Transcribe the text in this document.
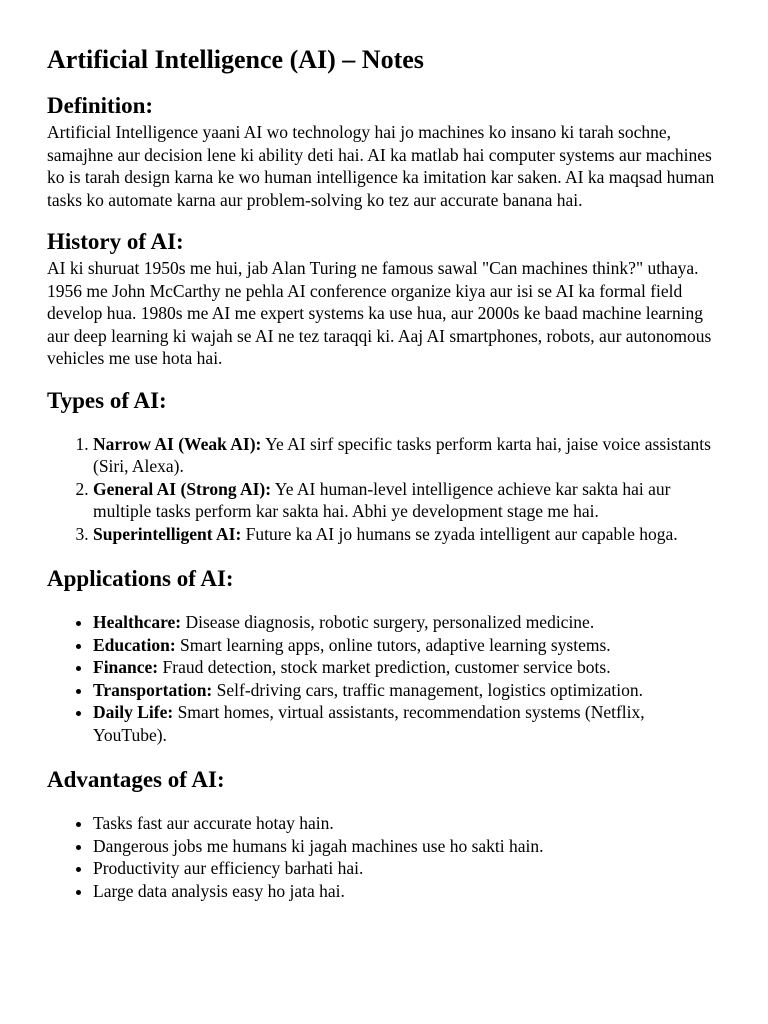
Artificial Intelligence (AI) – Notes
Definition:

Artificial Intelligence yaani AI wo technology hai jo machines ko insano ki tarah sochne, samajhne aur decision lene ki ability deti hai. AI ka matlab hai computer systems aur machines ko is tarah design karna ke wo human intelligence ka imitation kar saken. AI ka maqsad human tasks ko automate karna aur problem-solving ko tez aur accurate banana hai.

History of AI:

AI ki shuruat 1950s me hui, jab Alan Turing ne famous sawal "Can machines think?" uthaya. 1956 me John McCarthy ne pehla AI conference organize kiya aur isi se AI ka formal field develop hua. 1980s me AI me expert systems ka use hua, aur 2000s ke baad machine learning aur deep learning ki wajah se AI ne tez taraqqi ki. Aaj AI smartphones, robots, aur autonomous vehicles me use hota hai.

Types of AI:
1. Narrow AI (Weak AI): Ye AI sirf specific tasks perform karta hai, jaise voice assistants (Siri, Alexa).
2. General AI (Strong AI): Ye AI human-level intelligence achieve kar sakta hai aur multiple tasks perform kar sakta hai. Abhi ye development stage me hai.
3. Superintelligent AI: Future ka AI jo humans se zyada intelligent aur capable hoga.
Applications of AI:
• Healthcare: Disease diagnosis, robotic surgery, personalized medicine.
• Education: Smart learning apps, online tutors, adaptive learning systems.
• Finance: Fraud detection, stock market prediction, customer service bots.
• Transportation: Self-driving cars, traffic management, logistics optimization.
• Daily Life: Smart homes, virtual assistants, recommendation systems (Netflix, YouTube).
Advantages of AI:
• Tasks fast aur accurate hotay hain.
• Dangerous jobs me humans ki jagah machines use ho sakti hain.
• Productivity aur efficiency barhati hai.
• Large data analysis easy ho jata hai.
